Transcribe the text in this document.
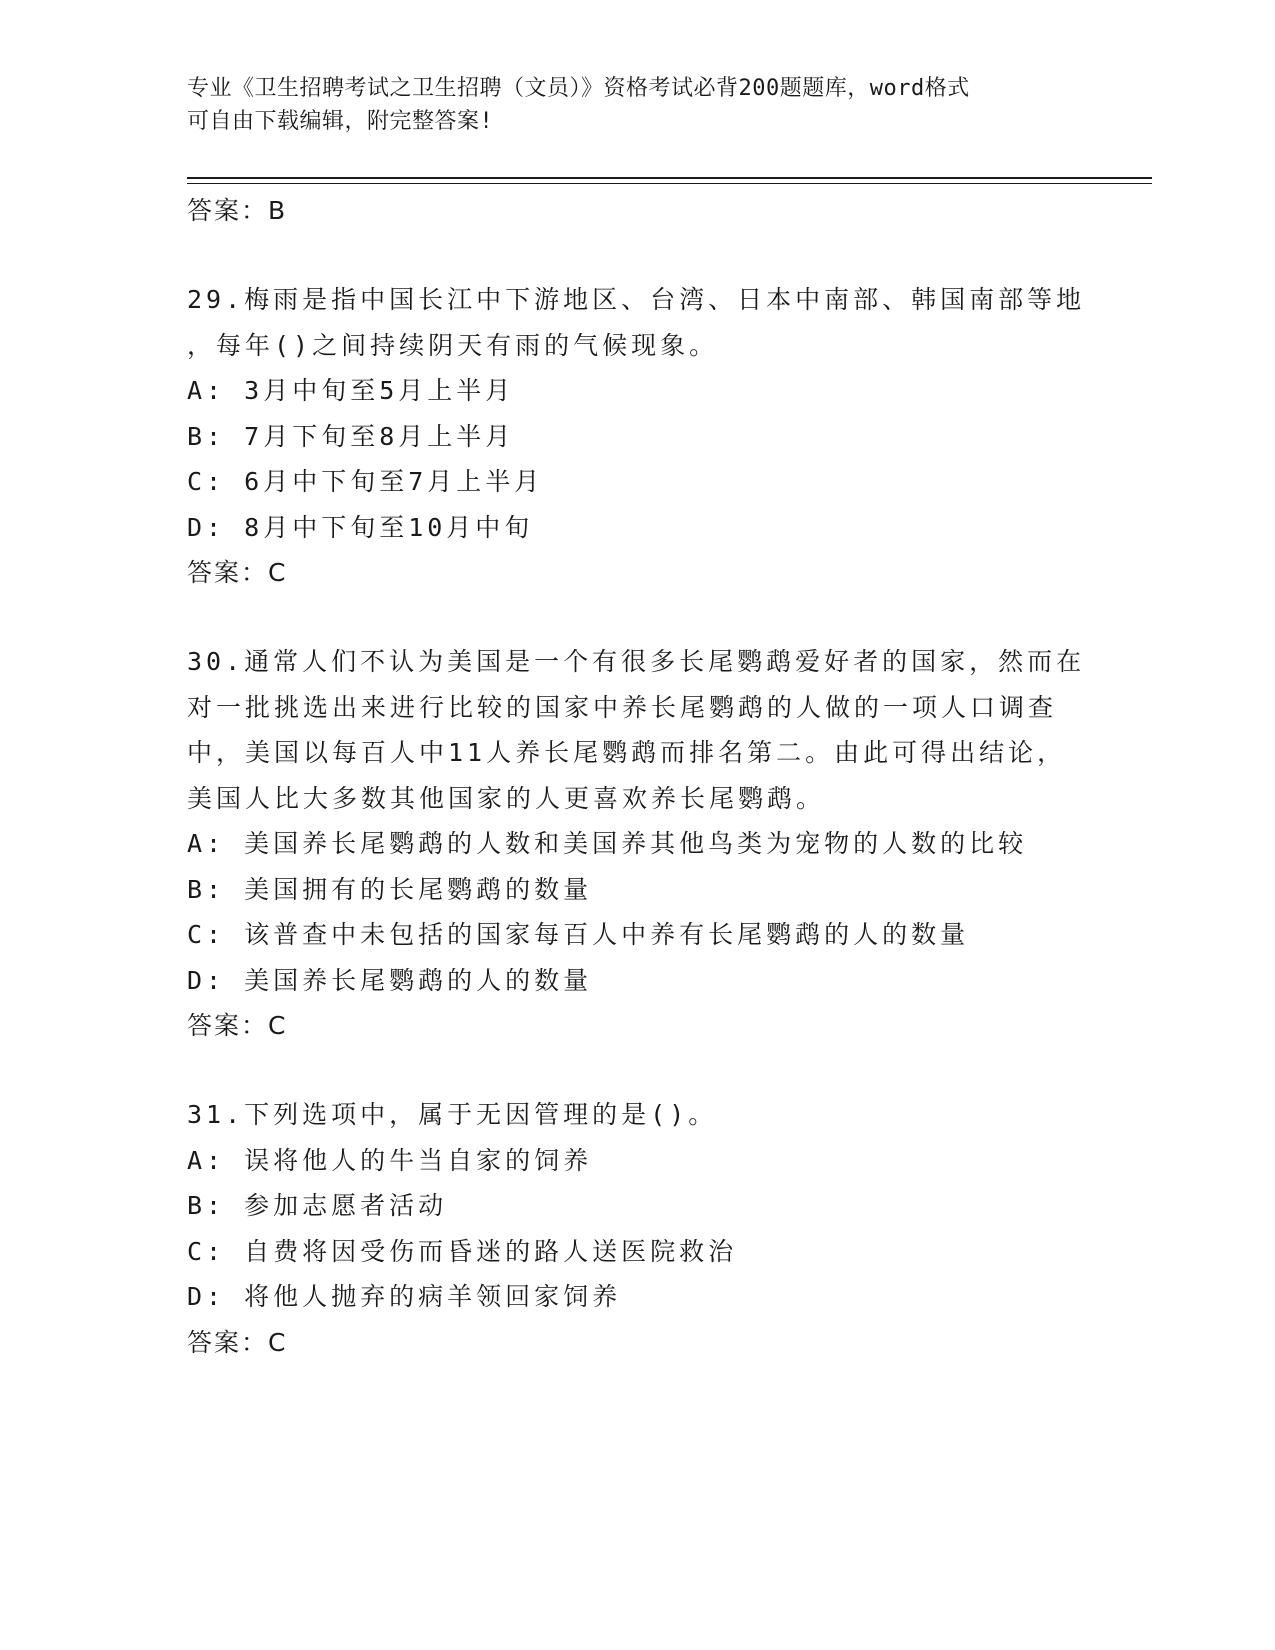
专业《卫生招聘考试之卫生招聘（文员）》资格考试必背200题题库，word格式
可自由下载编辑，附完整答案!
答案：B
29.梅雨是指中国长江中下游地区、台湾、日本中南部、韩国南部等地
，每年()之间持续阴天有雨的气候现象。
A: 3月中旬至5月上半月
B: 7月下旬至8月上半月
C: 6月中下旬至7月上半月
D: 8月中下旬至10月中旬
答案：C
30.通常人们不认为美国是一个有很多长尾鹦鹉爱好者的国家，然而在
对一批挑选出来进行比较的国家中养长尾鹦鹉的人做的一项人口调查
中，美国以每百人中11人养长尾鹦鹉而排名第二。由此可得出结论，
美国人比大多数其他国家的人更喜欢养长尾鹦鹉。
A: 美国养长尾鹦鹉的人数和美国养其他鸟类为宠物的人数的比较
B: 美国拥有的长尾鹦鹉的数量
C: 该普查中未包括的国家每百人中养有长尾鹦鹉的人的数量
D: 美国养长尾鹦鹉的人的数量
答案：C
31.下列选项中，属于无因管理的是()。
A: 误将他人的牛当自家的饲养
B: 参加志愿者活动
C: 自费将因受伤而昏迷的路人送医院救治
D: 将他人抛弃的病羊领回家饲养
答案：C
